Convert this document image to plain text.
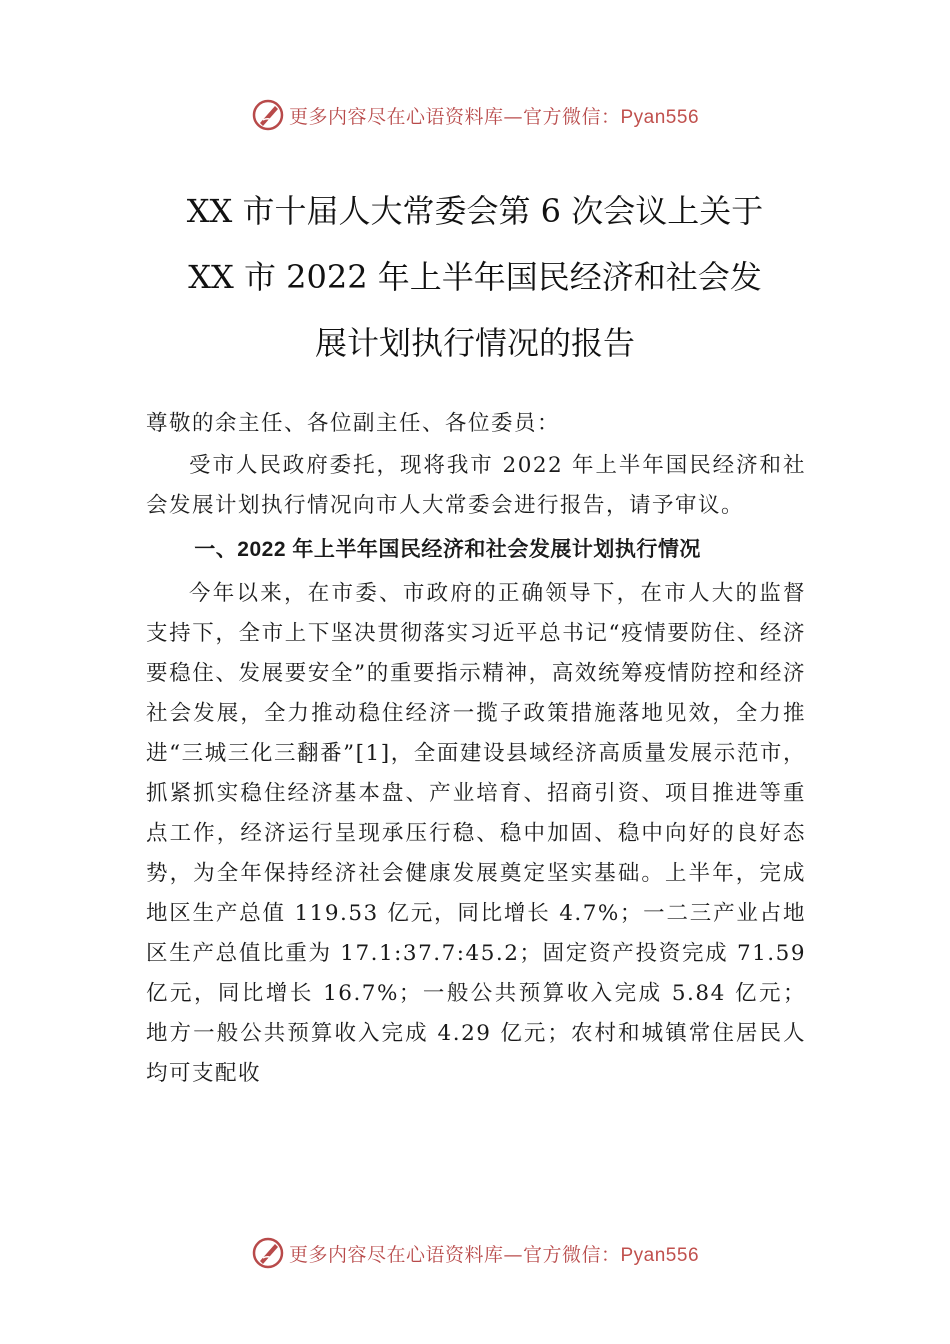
更多内容尽在心语资料库—官方微信：Pyan556
XX 市十届人大常委会第 6 次会议上关于
XX 市 2022 年上半年国民经济和社会发
展计划执行情况的报告

尊敬的余主任、各位副主任、各位委员：

受市人民政府委托，现将我市 2022 年上半年国民经济和社会发展计划执行情况向市人大常委会进行报告，请予审议。

一、2022 年上半年国民经济和社会发展计划执行情况

今年以来，在市委、市政府的正确领导下，在市人大的监督支持下，全市上下坚决贯彻落实习近平总书记“疫情要防住、经济要稳住、发展要安全”的重要指示精神，高效统筹疫情防控和经济社会发展，全力推动稳住经济一揽子政策措施落地见效，全力推进“三城三化三翻番”[1]，全面建设县域经济高质量发展示范市，抓紧抓实稳住经济基本盘、产业培育、招商引资、项目推进等重点工作，经济运行呈现承压行稳、稳中加固、稳中向好的良好态势，为全年保持经济社会健康发展奠定坚实基础。上半年，完成地区生产总值 119.53 亿元，同比增长 4.7%；一二三产业占地区生产总值比重为 17.1:37.7:45.2；固定资产投资完成 71.59 亿元，同比增长 16.7%；一般公共预算收入完成 5.84 亿元；地方一般公共预算收入完成 4.29 亿元；农村和城镇常住居民人均可支配收

更多内容尽在心语资料库—官方微信：Pyan556
